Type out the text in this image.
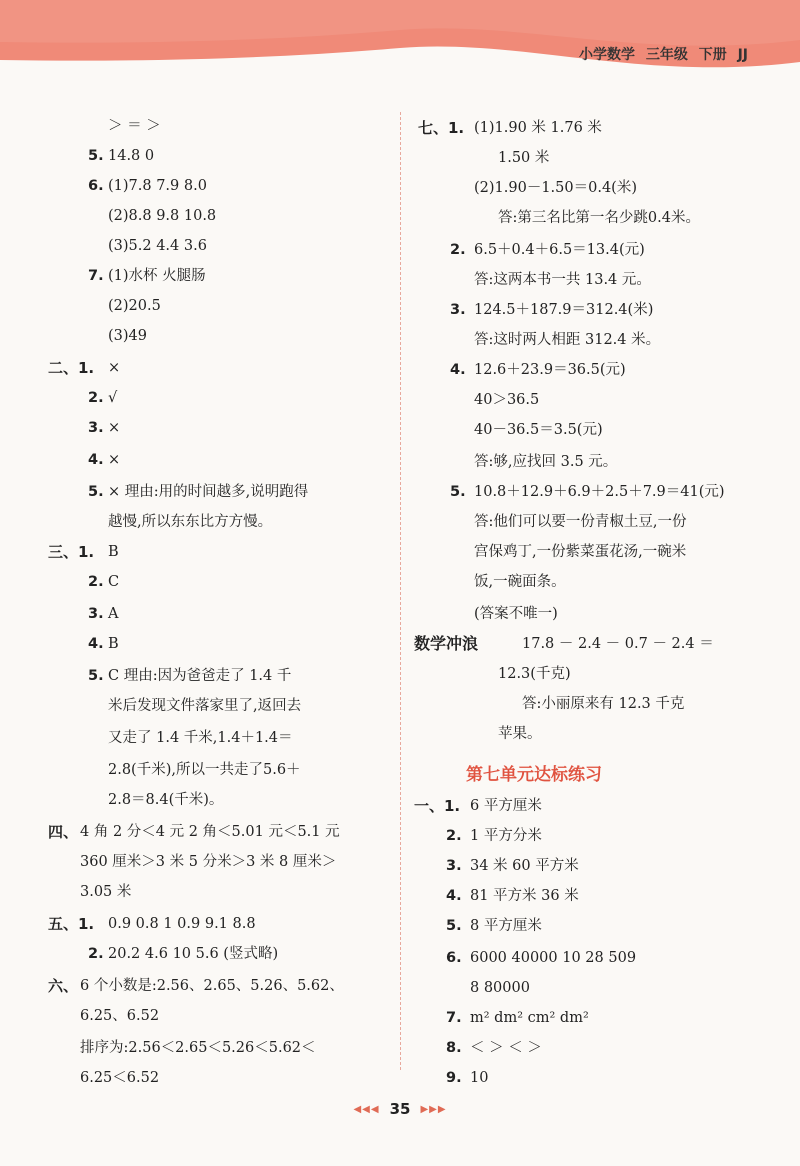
小学数学 三年级 下册 JJ
＞ ＝ ＞
5. 14.8 0
6. (1)7.8 7.9 8.0
(2)8.8 9.8 10.8
(3)5.2 4.4 3.6
7. (1)水杯 火腿肠
(2)20.5
(3)49
二、1. ×
2. √
3. ×
4. ×
5. × 理由:用的时间越多,说明跑得
越慢,所以东东比方方慢。
三、1. B
2. C
3. A
4. B
5. C 理由:因为爸爸走了 1.4 千
米后发现文件落家里了,返回去
又走了 1.4 千米,1.4＋1.4＝
2.8(千米),所以一共走了5.6＋
2.8＝8.4(千米)。
四、 4 角 2 分＜4 元 2 角＜5.01 元＜5.1 元
360 厘米＞3 米 5 分米＞3 米 8 厘米＞
3.05 米
五、1. 0.9 0.8 1 0.9 9.1 8.8
2. 20.2 4.6 10 5.6 (竖式略)
六、 6 个小数是:2.56、2.65、5.26、5.62、
6.25、6.52
排序为:2.56＜2.65＜5.26＜5.62＜
6.25＜6.52
七、1. (1)1.90 米 1.76 米
1.50 米
(2)1.90－1.50＝0.4(米)
答:第三名比第一名少跳0.4米。
2. 6.5＋0.4＋6.5＝13.4(元)
答:这两本书一共 13.4 元。
3. 124.5＋187.9＝312.4(米)
答:这时两人相距 312.4 米。
4. 12.6＋23.9＝36.5(元)
40＞36.5
40－36.5＝3.5(元)
答:够,应找回 3.5 元。
5. 10.8＋12.9＋6.9＋2.5＋7.9＝41(元)
答:他们可以要一份青椒土豆,一份
宫保鸡丁,一份紫菜蛋花汤,一碗米
饭,一碗面条。
(答案不唯一)
数学冲浪	17.8 － 2.4 － 0.7 － 2.4 ＝
12.3(千克)
答:小丽原来有 12.3 千克
苹果。
第七单元达标练习
一、1. 6 平方厘米
2. 1 平方分米
3. 34 米 60 平方米
4. 81 平方米 36 米
5. 8 平方厘米
6. 6000 40000 10 28 509
8 80000
7. m² dm² cm² dm²
8. ＜ ＞ ＜ ＞
9. 10
◀◀◀ 35 ▶▶▶
